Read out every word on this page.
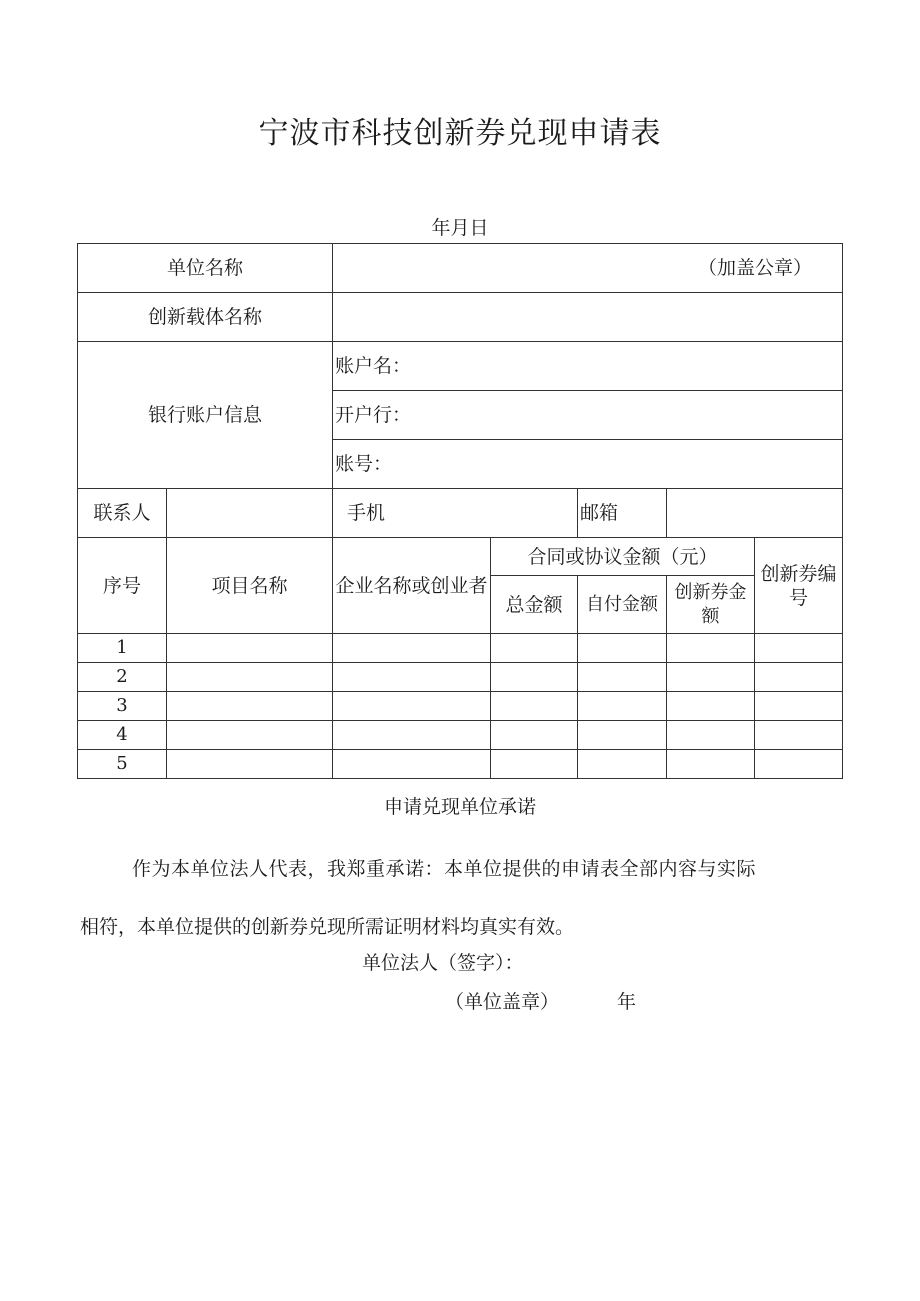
宁波市科技创新券兑现申请表
年月日
单位名称		（加盖公章）				
创新载体名称						
银行账户信息		账户名：				
		开户行：				
		账号：				
联系人		手机		邮箱		
序号	项目名称	企业名称或创业者	合同或协议金额（元）			创新券编号
			总金额	自付金额	创新券金额	
1						
2						
3						
4						
5						
申请兑现单位承诺
作为本单位法人代表，我郑重承诺：本单位提供的申请表全部内容与实际
相符，本单位提供的创新券兑现所需证明材料均真实有效。
单位法人（签字）：
（单位盖章）	年
